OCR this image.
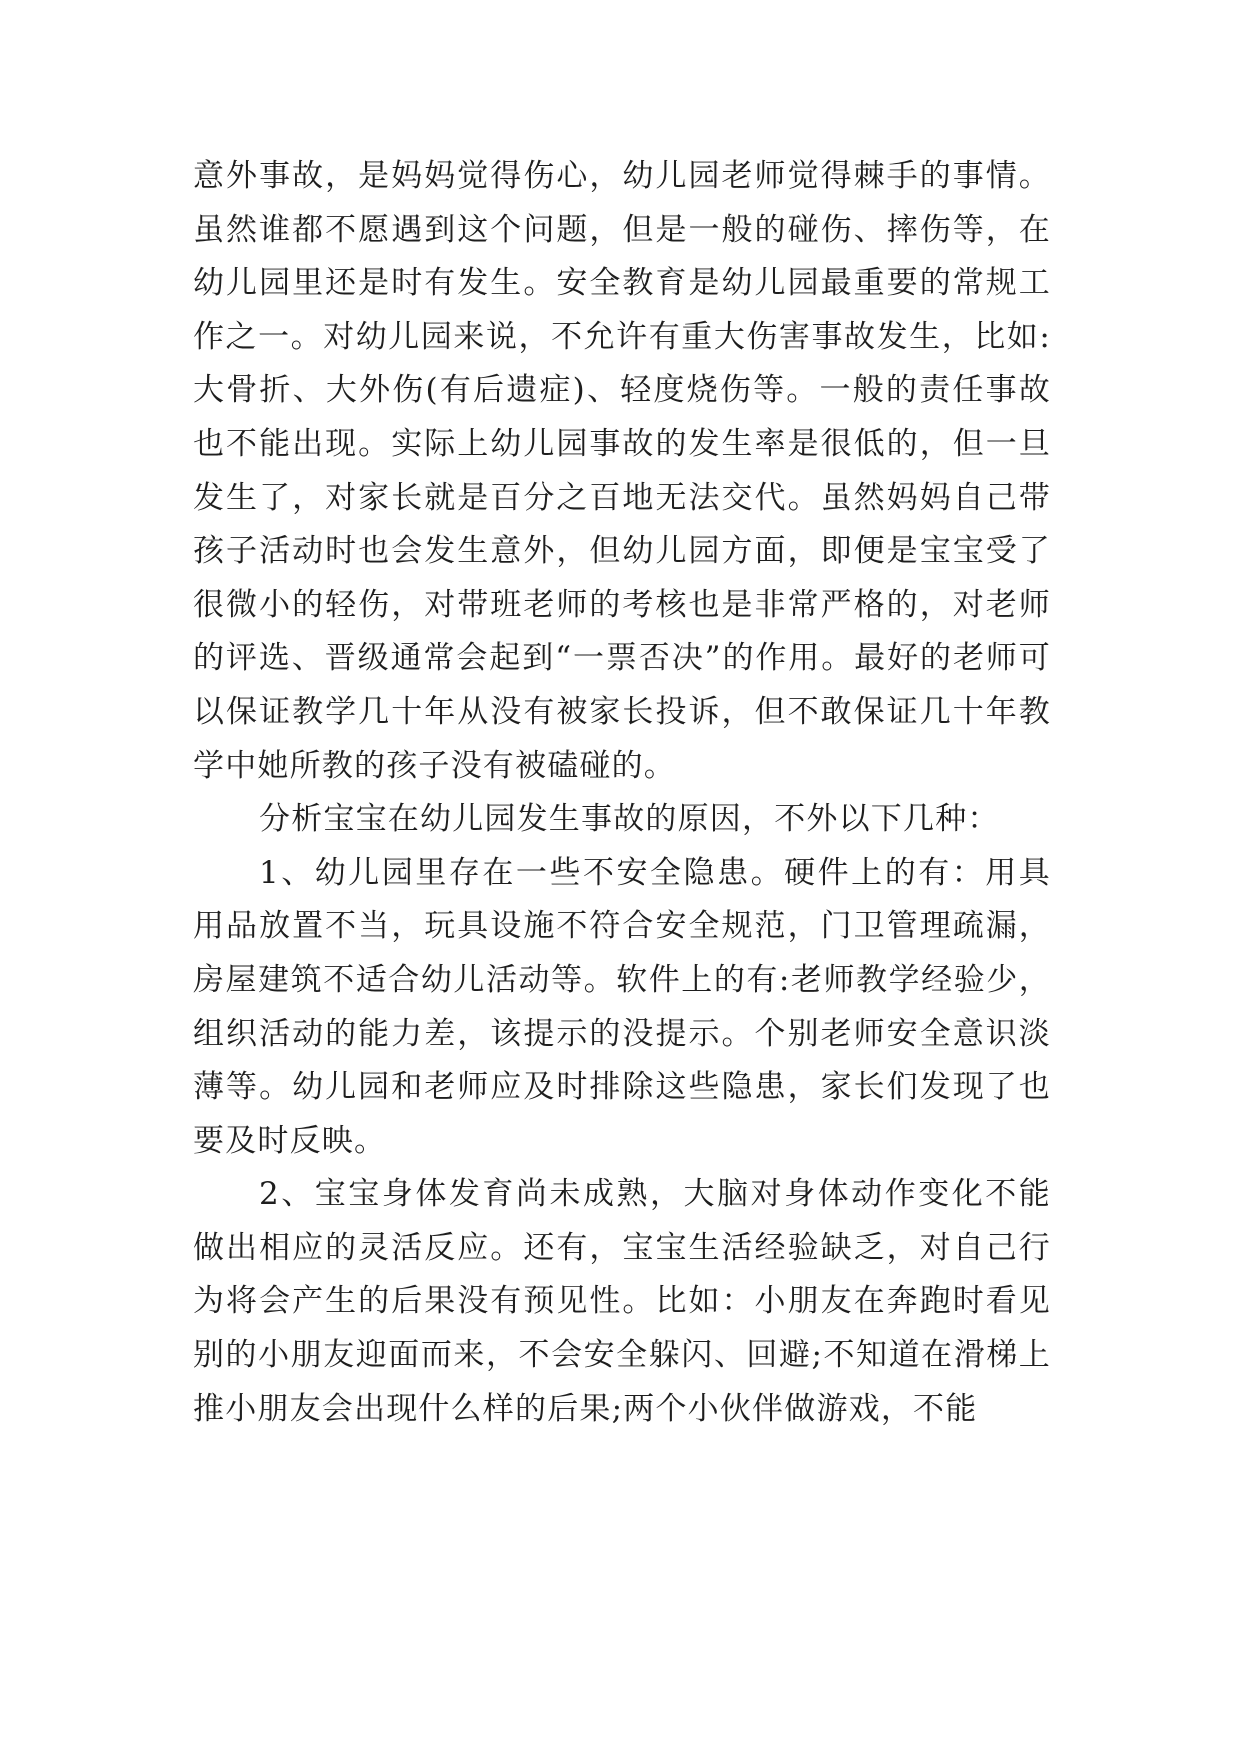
意外事故，是妈妈觉得伤心，幼儿园老师觉得棘手的事情。虽然谁都不愿遇到这个问题，但是一般的碰伤、摔伤等，在幼儿园里还是时有发生。安全教育是幼儿园最重要的常规工作之一。对幼儿园来说，不允许有重大伤害事故发生，比如:大骨折、大外伤(有后遗症)、轻度烧伤等。一般的责任事故也不能出现。实际上幼儿园事故的发生率是很低的，但一旦发生了，对家长就是百分之百地无法交代。虽然妈妈自己带孩子活动时也会发生意外，但幼儿园方面，即便是宝宝受了很微小的轻伤，对带班老师的考核也是非常严格的，对老师的评选、晋级通常会起到“一票否决”的作用。最好的老师可以保证教学几十年从没有被家长投诉，但不敢保证几十年教学中她所教的孩子没有被磕碰的。

分析宝宝在幼儿园发生事故的原因，不外以下几种：

1、幼儿园里存在一些不安全隐患。硬件上的有：用具用品放置不当，玩具设施不符合安全规范，门卫管理疏漏，房屋建筑不适合幼儿活动等。软件上的有:老师教学经验少，组织活动的能力差，该提示的没提示。个别老师安全意识淡薄等。幼儿园和老师应及时排除这些隐患，家长们发现了也要及时反映。

2、宝宝身体发育尚未成熟，大脑对身体动作变化不能做出相应的灵活反应。还有，宝宝生活经验缺乏，对自己行为将会产生的后果没有预见性。比如：小朋友在奔跑时看见别的小朋友迎面而来，不会安全躲闪、回避;不知道在滑梯上推小朋友会出现什么样的后果;两个小伙伴做游戏，不能
